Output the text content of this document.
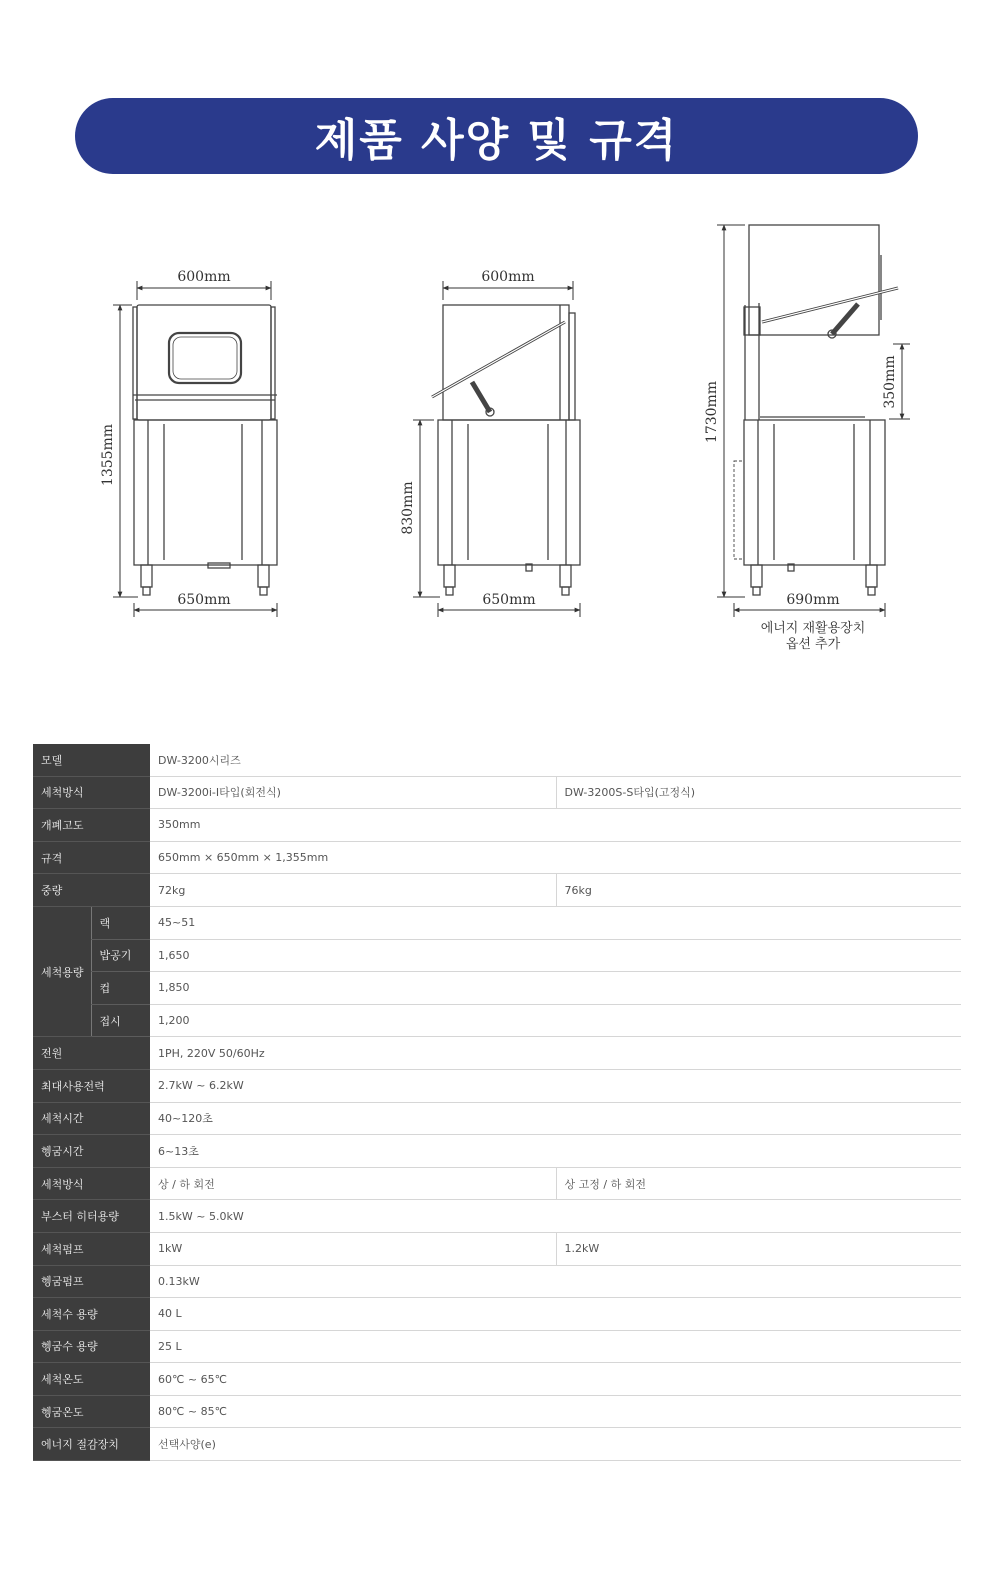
제품 사양 및 규격
600mm
650mm
1355mm
600mm
650mm
830mm
1730mm	350mm
690mm
에너지 재활용장치
옵션 추가
모델		DW-3200시리즈	
세척방식		DW-3200i-I타입(회전식)	DW-3200S-S타입(고정식)
개폐고도		350mm	
규격		650mm × 650mm × 1,355mm	
중량		72kg	76kg
세척용량	랙	45~51	
	밥공기	1,650	
	컵	1,850	
	접시	1,200	
전원		1PH, 220V 50/60Hz	
최대사용전력		2.7kW ~ 6.2kW	
세척시간		40~120초	
헹굼시간		6~13초	
세척방식		상 / 하 회전	상 고정 / 하 회전
부스터 히터용량		1.5kW ~ 5.0kW	
세척펌프		1kW	1.2kW
헹굼펌프		0.13kW	
세척수 용량		40 L	
헹굼수 용량		25 L	
세척온도		60℃ ~ 65℃	
헹굼온도		80℃ ~ 85℃	
에너지 절감장치		선택사양(e)	
